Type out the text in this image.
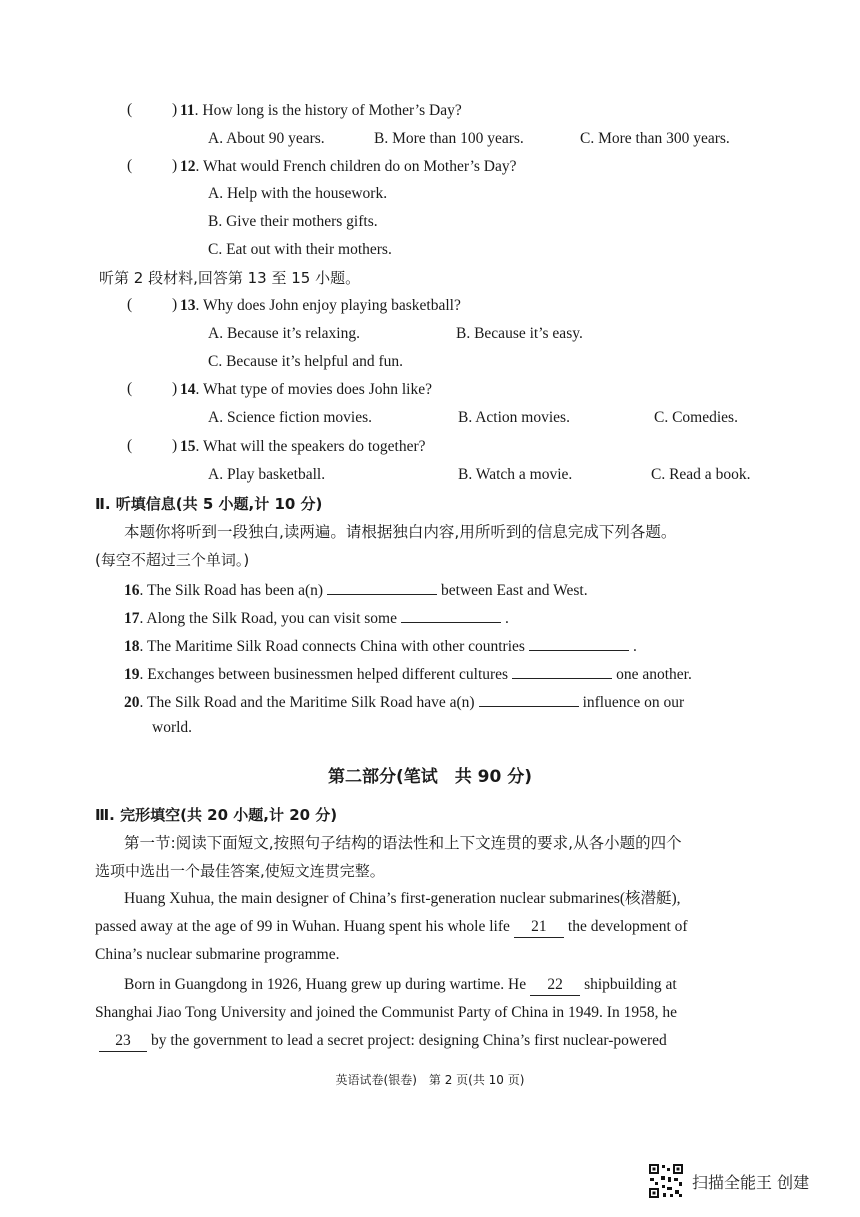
(	) 11. How long is the history of Mother’s Day?
A. About 90 years.	B. More than 100 years.	C. More than 300 years.
(	) 12. What would French children do on Mother’s Day?
A. Help with the housework.
B. Give their mothers gifts.
C. Eat out with their mothers.
听第 2 段材料,回答第 13 至 15 小题。
(	) 13. Why does John enjoy playing basketball?
A. Because it’s relaxing.	B. Because it’s easy.
C. Because it’s helpful and fun.
(	) 14. What type of movies does John like?
A. Science fiction movies.	B. Action movies.	C. Comedies.
(	) 15. What will the speakers do together?
A. Play basketball.	B. Watch a movie.	C. Read a book.
Ⅱ. 听填信息(共 5 小题,计 10 分)
本题你将听到一段独白,读两遍。请根据独白内容,用所听到的信息完成下列各题。
(每空不超过三个单词。)
16. The Silk Road has been a(n)	between East and West.
17. Along the Silk Road, you can visit some	.
18. The Maritime Silk Road connects China with other countries	.
19. Exchanges between businessmen helped different cultures	one another.
20. The Silk Road and the Maritime Silk Road have a(n)	influence on our
world.
第二部分(笔试　共 90 分)
Ⅲ. 完形填空(共 20 小题,计 20 分)
第一节:阅读下面短文,按照句子结构的语法性和上下文连贯的要求,从各小题的四个
选项中选出一个最佳答案,使短文连贯完整。
Huang Xuhua, the main designer of China’s first-generation nuclear submarines(核潜艇),
passed away at the age of 99 in Wuhan. Huang spent his whole life 21 the development of
China’s nuclear submarine programme.
Born in Guangdong in 1926, Huang grew up during wartime. He 22 shipbuilding at
Shanghai Jiao Tong University and joined the Communist Party of China in 1949. In 1958, he
23 by the government to lead a secret project: designing China’s first nuclear-powered
英语试卷(银卷)　第 2 页(共 10 页)
扫描全能王 创建
